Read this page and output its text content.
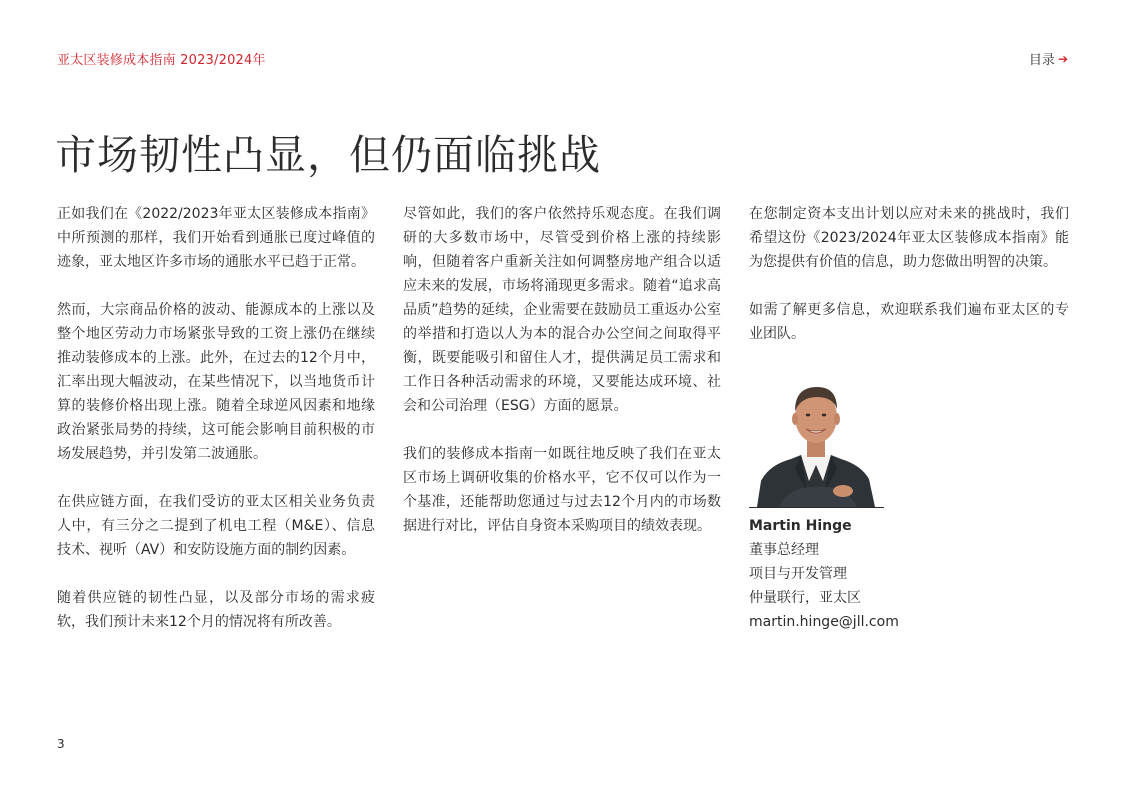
亚太区装修成本指南 2023/2024年	目录 ➔
市场韧性凸显，但仍面临挑战

正如我们在《2022/2023年亚太区装修成本指南》中所预测的那样，我们开始看到通胀已度过峰值的迹象，亚太地区许多市场的通胀水平已趋于正常。

然而，大宗商品价格的波动、能源成本的上涨以及整个地区劳动力市场紧张导致的工资上涨仍在继续推动装修成本的上涨。此外，在过去的12个月中，汇率出现大幅波动，在某些情况下，以当地货币计算的装修价格出现上涨。随着全球逆风因素和地缘政治紧张局势的持续，这可能会影响目前积极的市场发展趋势，并引发第二波通胀。

在供应链方面，在我们受访的亚太区相关业务负责人中，有三分之二提到了机电工程（M&E）、信息技术、视听（AV）和安防设施方面的制约因素。

随着供应链的韧性凸显，以及部分市场的需求疲软，我们预计未来12个月的情况将有所改善。

尽管如此，我们的客户依然持乐观态度。在我们调研的大多数市场中，尽管受到价格上涨的持续影响，但随着客户重新关注如何调整房地产组合以适应未来的发展，市场将涌现更多需求。随着“追求高品质”趋势的延续，企业需要在鼓励员工重返办公室的举措和打造以人为本的混合办公空间之间取得平衡，既要能吸引和留住人才，提供满足员工需求和工作日各种活动需求的环境，又要能达成环境、社会和公司治理（ESG）方面的愿景。

我们的装修成本指南一如既往地反映了我们在亚太区市场上调研收集的价格水平，它不仅可以作为一个基准，还能帮助您通过与过去12个月内的市场数据进行对比，评估自身资本采购项目的绩效表现。

在您制定资本支出计划以应对未来的挑战时，我们希望这份《2023/2024年亚太区装修成本指南》能为您提供有价值的信息，助力您做出明智的决策。

如需了解更多信息，欢迎联系我们遍布亚太区的专业团队。

Martin Hinge
董事总经理
项目与开发管理
仲量联行，亚太区
martin.hinge@jll.com
3
